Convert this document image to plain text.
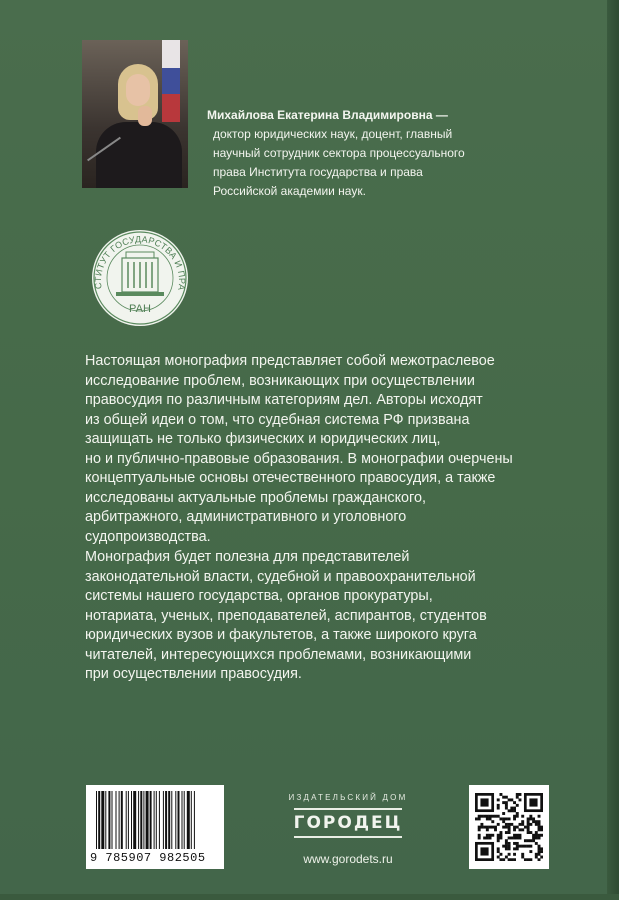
Михайлова Екатерина Владимировна —
доктор юридических наук, доцент, главный
научный сотрудник сектора процессуального
права Института государства и права
Российской академии наук.
СТИТУТ ГОСУДАРСТВА И ПРА
РАН
Настоящая монография представляет собой межотраслевое
исследование проблем, возникающих при осуществлении
правосудия по различным категориям дел. Авторы исходят
из общей идеи о том, что судебная система РФ призвана
защищать не только физических и юридических лиц,
но и публично-правовые образования. В монографии очерчены
концептуальные основы отечественного правосудия, а также
исследованы актуальные проблемы гражданского,
арбитражного, административного и уголовного
судопроизводства.
Монография будет полезна для представителей
законодательной власти, судебной и правоохранительной
системы нашего государства, органов прокуратуры,
нотариата, ученых, преподавателей, аспирантов, студентов
юридических вузов и факультетов, а также широкого круга
читателей, интересующихся проблемами, возникающими
при осуществлении правосудия.
9 785907 982505
ИЗДАТЕЛЬСКИЙ ДОМ
ГОРОДЕЦ
www.gorodets.ru
